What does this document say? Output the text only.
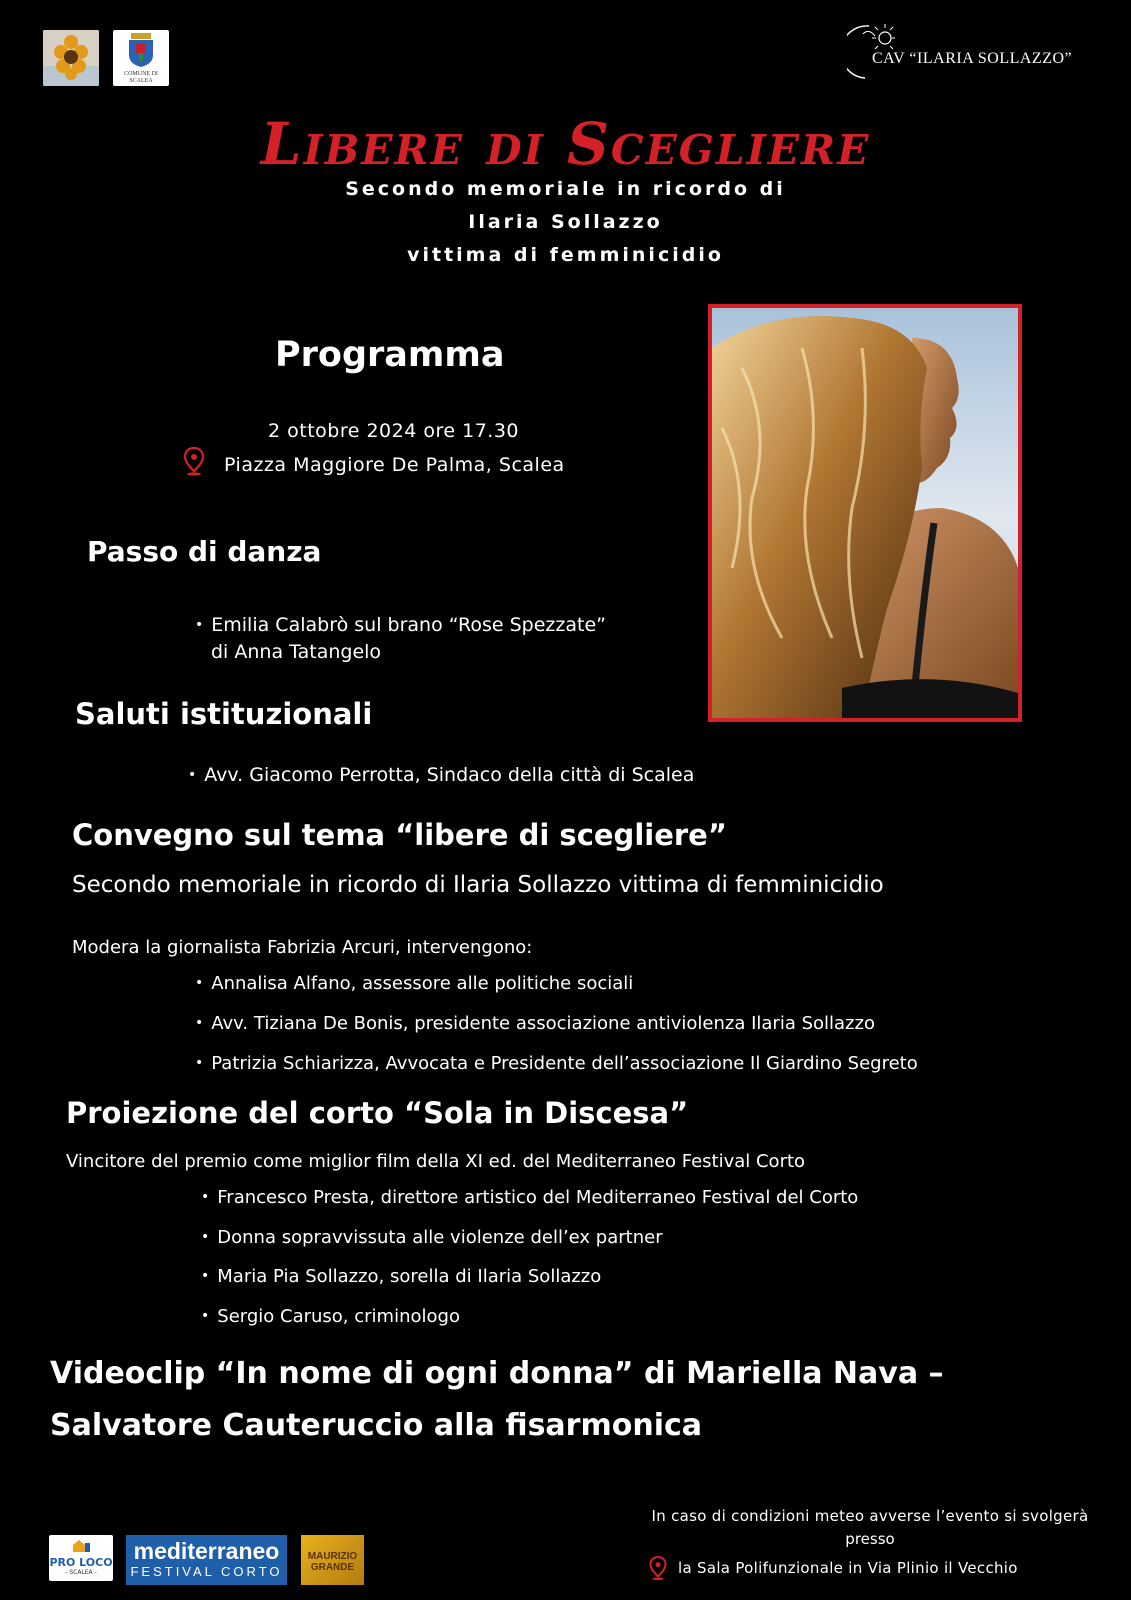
COMUNE DI SCALEA
CAV “ILARIA SOLLAZZO”
Libere di Scegliere
Secondo memoriale in ricordo di
Ilaria Sollazzo
vittima di femminicidio
Programma
2 ottobre 2024 ore 17.30
Piazza Maggiore De Palma, Scalea
Passo di danza
• Emilia Calabrò sul brano “Rose Spezzate”
di Anna Tatangelo
Saluti istituzionali
• Avv. Giacomo Perrotta, Sindaco della città di Scalea
Convegno sul tema “libere di scegliere”
Secondo memoriale in ricordo di Ilaria Sollazzo vittima di femminicidio
Modera la giornalista Fabrizia Arcuri, intervengono:
• Annalisa Alfano, assessore alle politiche sociali
• Avv. Tiziana De Bonis, presidente associazione antiviolenza Ilaria Sollazzo
• Patrizia Schiarizza, Avvocata e Presidente dell’associazione Il Giardino Segreto
Proiezione del corto “Sola in Discesa”
Vincitore del premio come miglior film della XI ed. del Mediterraneo Festival Corto
• Francesco Presta, direttore artistico del Mediterraneo Festival del Corto
• Donna sopravvissuta alle violenze dell’ex partner
• Maria Pia Sollazzo, sorella di Ilaria Sollazzo
• Sergio Caruso, criminologo
Videoclip “In nome di ogni donna” di Mariella Nava –
Salvatore Cauteruccio alla fisarmonica
In caso di condizioni meteo avverse l’evento si svolgerà
presso
la Sala Polifunzionale in Via Plinio il Vecchio
PRO LOCO
- SCALEA -
mediterraneo
FESTIVAL CORTO
MAURIZIO GRANDE
